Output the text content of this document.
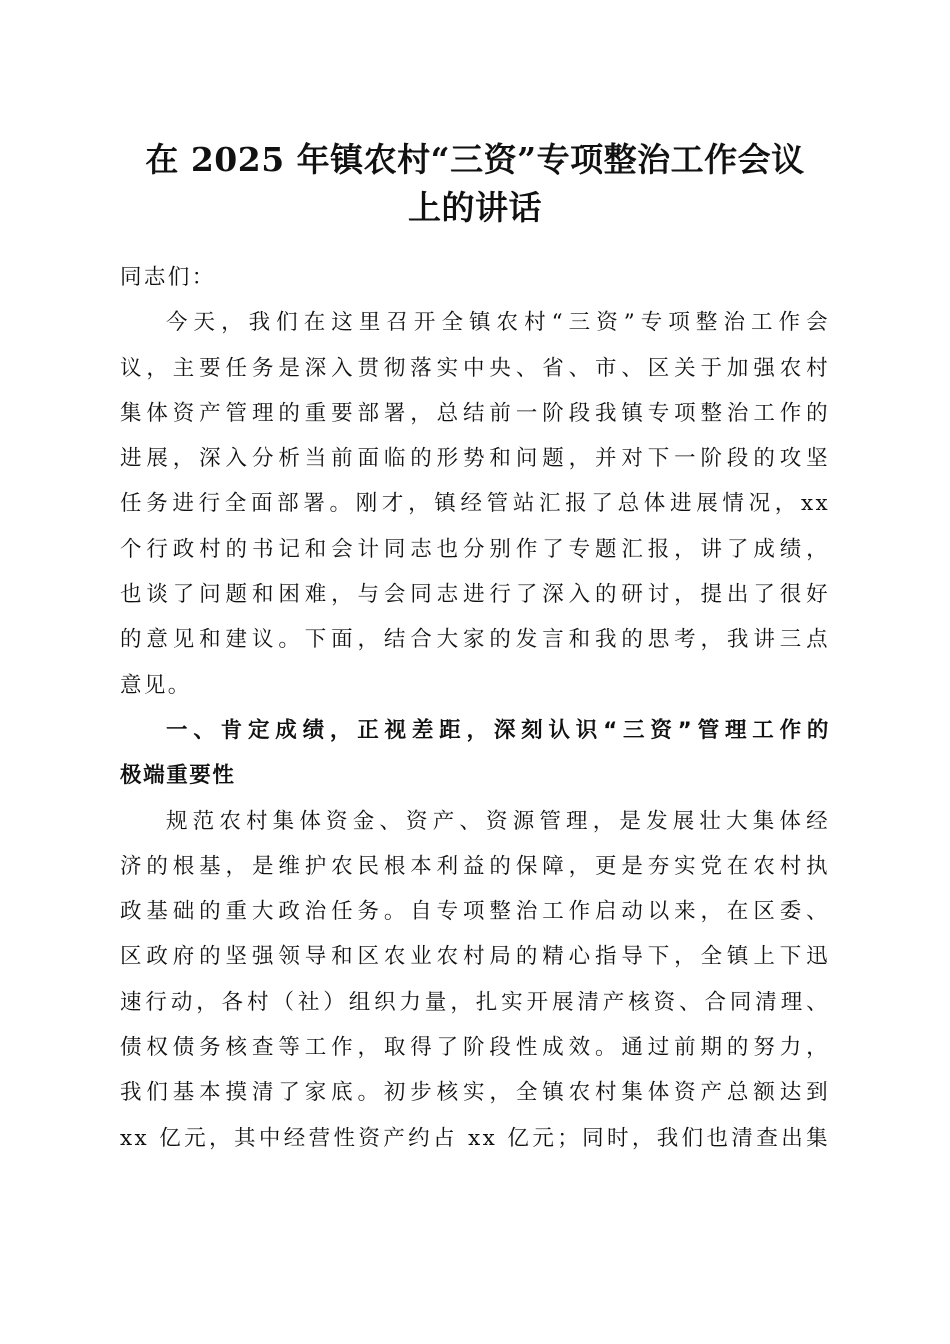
在 2025 年镇农村“三资”专项整治工作会议
上的讲话
同志们：
今天，我们在这里召开全镇农村“三资”专项整治工作会
议，主要任务是深入贯彻落实中央、省、市、区关于加强农村
集体资产管理的重要部署，总结前一阶段我镇专项整治工作的
进展，深入分析当前面临的形势和问题，并对下一阶段的攻坚
任务进行全面部署。刚才，镇经管站汇报了总体进展情况，xx
个行政村的书记和会计同志也分别作了专题汇报，讲了成绩，
也谈了问题和困难，与会同志进行了深入的研讨，提出了很好
的意见和建议。下面，结合大家的发言和我的思考，我讲三点
意见。
一、肯定成绩，正视差距，深刻认识“三资”管理工作的
极端重要性
规范农村集体资金、资产、资源管理，是发展壮大集体经
济的根基，是维护农民根本利益的保障，更是夯实党在农村执
政基础的重大政治任务。自专项整治工作启动以来，在区委、
区政府的坚强领导和区农业农村局的精心指导下，全镇上下迅
速行动，各村（社）组织力量，扎实开展清产核资、合同清理、
债权债务核查等工作，取得了阶段性成效。通过前期的努力，
我们基本摸清了家底。初步核实，全镇农村集体资产总额达到
xx 亿元，其中经营性资产约占 xx 亿元；同时，我们也清查出集
